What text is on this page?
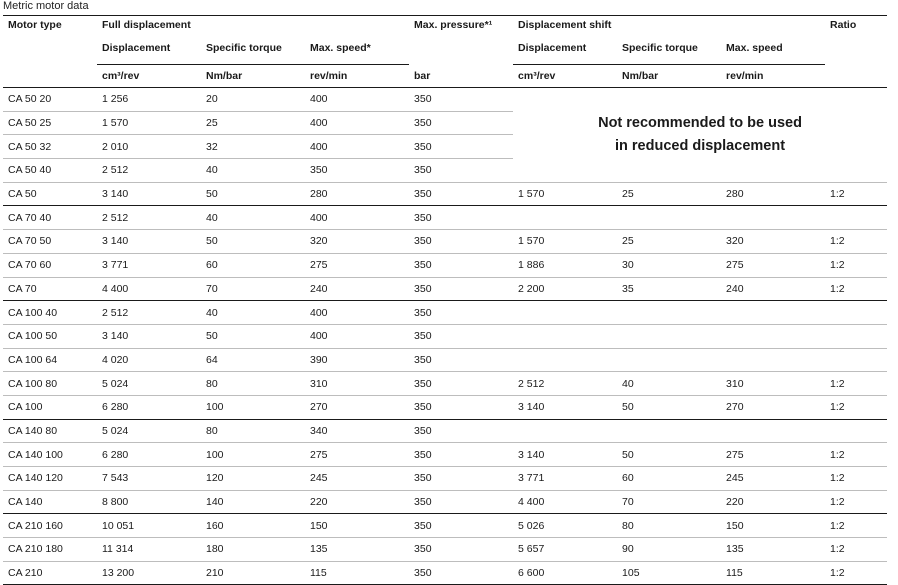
Metric motor data
Motor type	Full displacement			Max. pressure*¹	Displacement shift			Ratio
	Displacement	Specific torque	Max. speed*		Displacement	Specific torque	Max. speed	
	cm³/rev	Nm/bar	rev/min	bar	cm³/rev	Nm/bar	rev/min	
CA 50 20	1 256	20	400	350	Not recommended to be used
in reduced displacement			

CA 50 25	1 570	25	400	350				
CA 50 32	2 010	32	400	350				
CA 50 40	2 512	40	350	350				
CA 50	3 140	50	280	350	1 570	25	280	1:2
CA 70 40	2 512	40	400	350				
CA 70 50	3 140	50	320	350	1 570	25	320	1:2
CA 70 60	3 771	60	275	350	1 886	30	275	1:2
CA 70	4 400	70	240	350	2 200	35	240	1:2
CA 100 40	2 512	40	400	350				
CA 100 50	3 140	50	400	350				
CA 100 64	4 020	64	390	350				
CA 100 80	5 024	80	310	350	2 512	40	310	1:2
CA 100	6 280	100	270	350	3 140	50	270	1:2
CA 140 80	5 024	80	340	350				
CA 140 100	6 280	100	275	350	3 140	50	275	1:2
CA 140 120	7 543	120	245	350	3 771	60	245	1:2
CA 140	8 800	140	220	350	4 400	70	220	1:2
CA 210 160	10 051	160	150	350	5 026	80	150	1:2
CA 210 180	11 314	180	135	350	5 657	90	135	1:2
CA 210	13 200	210	115	350	6 600	105	115	1:2
